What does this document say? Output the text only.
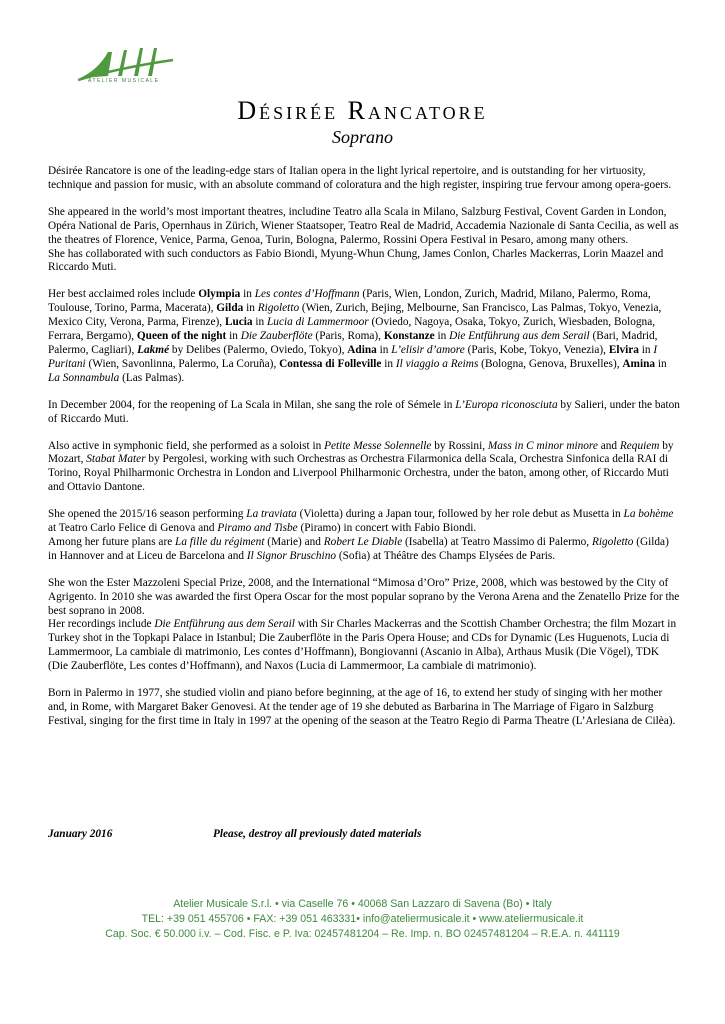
ATELIER MUSICALE
Désirée Rancatore
Soprano

Désirée Rancatore is one of the leading-edge stars of Italian opera in the light lyrical repertoire, and is outstanding for her virtuosity, technique and passion for music, with an absolute command of coloratura and the high register, inspiring true fervour among opera-goers.

She appeared in the world’s most important theatres, includine Teatro alla Scala in Milano, Salzburg Festival, Covent Garden in London, Opéra National de Paris, Opernhaus in Zürich, Wiener Staatsoper, Teatro Real de Madrid, Accademia Nazionale di Santa Cecilia, as well as the theatres of Florence, Venice, Parma, Genoa, Turin, Bologna, Palermo, Rossini Opera Festival in Pesaro, among many others.

She has collaborated with such conductors as Fabio Biondi, Myung-Whun Chung, James Conlon, Charles Mackerras, Lorin Maazel and Riccardo Muti.

Her best acclaimed roles include Olympia in Les contes d’Hoffmann (Paris, Wien, London, Zurich, Madrid, Milano, Palermo, Roma, Toulouse, Torino, Parma, Macerata), Gilda in Rigoletto (Wien, Zurich, Bejing, Melbourne, San Francisco, Las Palmas, Tokyo, Venezia, Mexico City, Verona, Parma, Firenze), Lucia in Lucia di Lammermoor (Oviedo, Nagoya, Osaka, Tokyo, Zurich, Wiesbaden, Bologna, Ferrara, Bergamo), Queen of the night in Die Zauberflöte (Paris, Roma), Konstanze in Die Entführung aus dem Serail (Bari, Madrid, Palermo, Cagliari), Lakmé by Delibes (Palermo, Oviedo, Tokyo), Adina in L’elisir d’amore (Paris, Kobe, Tokyo, Venezia), Elvira in I Puritani (Wien, Savonlinna, Palermo, La Coruña), Contessa di Folleville in Il viaggio a Reims (Bologna, Genova, Bruxelles), Amina in La Sonnambula (Las Palmas).

In December 2004, for the reopening of La Scala in Milan, she sang the role of Sémele in L’Europa riconosciuta by Salieri, under the baton of Riccardo Muti.

Also active in symphonic field, she performed as a soloist in Petite Messe Solennelle by Rossini, Mass in C minor minore and Requiem by Mozart, Stabat Mater by Pergolesi, working with such Orchestras as Orchestra Filarmonica della Scala, Orchestra Sinfonica della RAI di Torino, Royal Philharmonic Orchestra in London and Liverpool Philharmonic Orchestra, under the baton, among other, of Riccardo Muti and Ottavio Dantone.

She opened the 2015/16 season performing La traviata (Violetta) during a Japan tour, followed by her role debut as Musetta in La bohème at Teatro Carlo Felice di Genova and Piramo and Tisbe (Piramo) in concert with Fabio Biondi.

Among her future plans are La fille du régiment (Marie) and Robert Le Diable (Isabella) at Teatro Massimo di Palermo, Rigoletto (Gilda) in Hannover and at Liceu de Barcelona and Il Signor Bruschino (Sofia) at Théâtre des Champs Elysées de Paris.

She won the Ester Mazzoleni Special Prize, 2008, and the International “Mimosa d’Oro” Prize, 2008, which was bestowed by the City of Agrigento. In 2010 she was awarded the first Opera Oscar for the most popular soprano by the Verona Arena and the Zenatello Prize for the best soprano in 2008.

Her recordings include Die Entführung aus dem Serail with Sir Charles Mackerras and the Scottish Chamber Orchestra; the film Mozart in Turkey shot in the Topkapi Palace in Istanbul; Die Zauberflöte in the Paris Opera House; and CDs for Dynamic (Les Huguenots, Lucia di Lammermoor, La cambiale di matrimonio, Les contes d’Hoffmann), Bongiovanni (Ascanio in Alba), Arthaus Musik (Die Vögel), TDK (Die Zauberflöte, Les contes d’Hoffmann), and Naxos (Lucia di Lammermoor, La cambiale di matrimonio).

Born in Palermo in 1977, she studied violin and piano before beginning, at the age of 16, to extend her study of singing with her mother and, in Rome, with Margaret Baker Genovesi. At the tender age of 19 she debuted as Barbarina in The Marriage of Figaro in Salzburg Festival, singing for the first time in Italy in 1997 at the opening of the season at the Teatro Regio di Parma Theatre (L’Arlesiana de Cilèa).

January 2016	Please, destroy all previously dated materials
Atelier Musicale S.r.l. • via Caselle 76 • 40068 San Lazzaro di Savena (Bo) • Italy
TEL: +39 051 455706 • FAX: +39 051 463331• info@ateliermusicale.it • www.ateliermusicale.it
Cap. Soc. € 50.000 i.v. – Cod. Fisc. e P. Iva: 02457481204 – Re. Imp. n. BO 02457481204 – R.E.A. n. 441119
